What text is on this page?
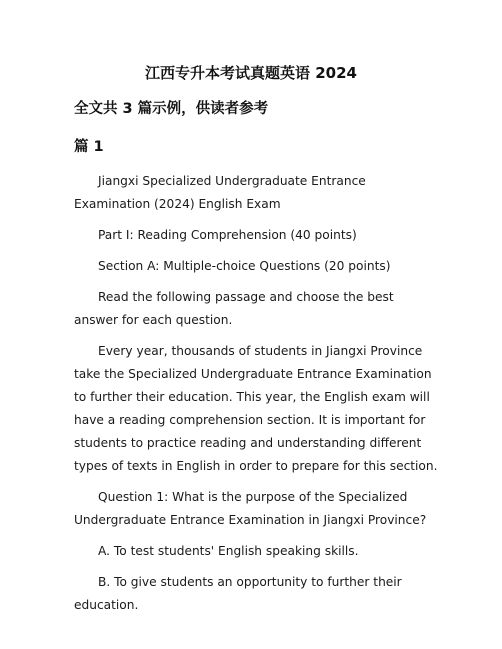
江西专升本考试真题英语 2024
全文共 3 篇示例，供读者参考
篇 1

Jiangxi Specialized Undergraduate Entrance Examination (2024) English Exam

Part I: Reading Comprehension (40 points)

Section A: Multiple-choice Questions (20 points)

Read the following passage and choose the best answer for each question.

Every year, thousands of students in Jiangxi Province take the Specialized Undergraduate Entrance Examination to further their education. This year, the English exam will have a reading comprehension section. It is important for students to practice reading and understanding different types of texts in English in order to prepare for this section.

Question 1: What is the purpose of the Specialized Undergraduate Entrance Examination in Jiangxi Province?

A. To test students' English speaking skills.

B. To give students an opportunity to further their education.
